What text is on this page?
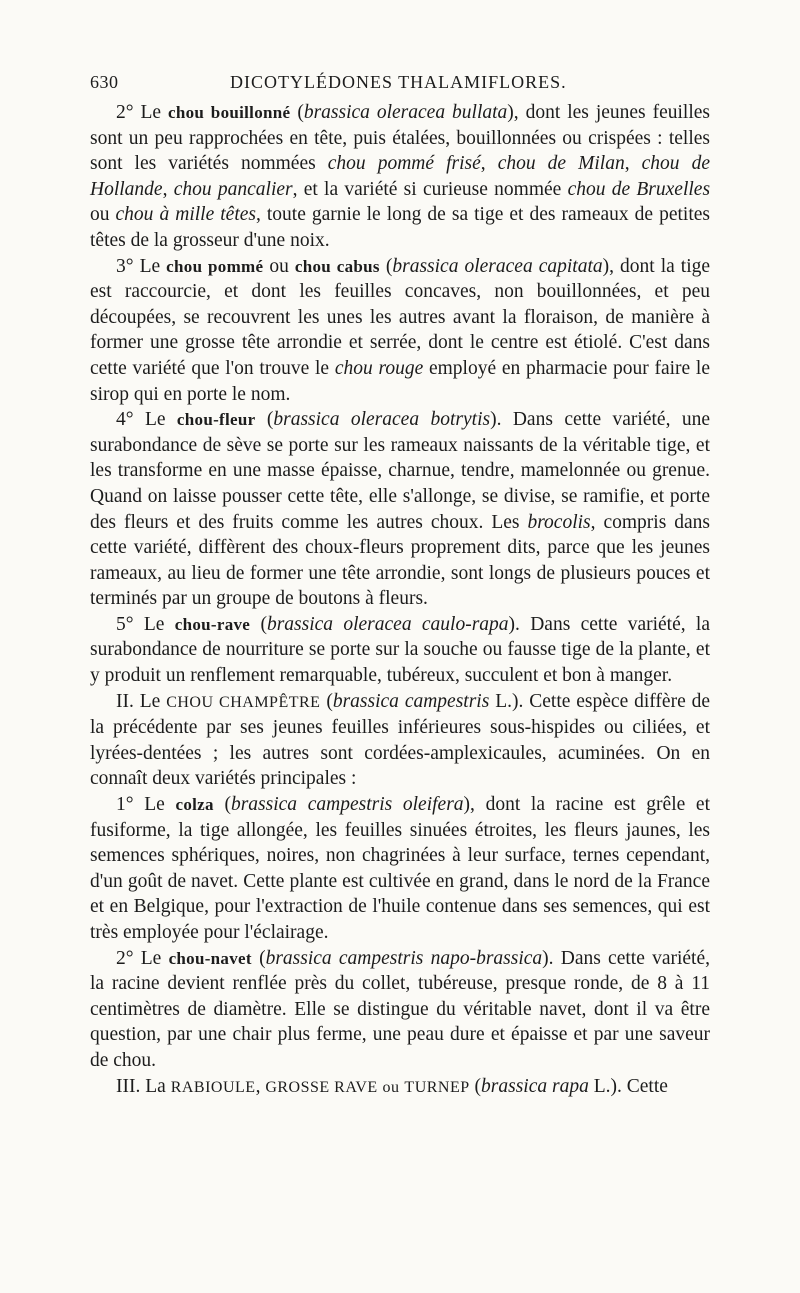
630	DICOTYLÉDONES THALAMIFLORES.

2° Le chou bouillonné (brassica oleracea bullata), dont les jeunes feuilles sont un peu rapprochées en tête, puis étalées, bouillonnées ou crispées : telles sont les variétés nommées chou pommé frisé, chou de Milan, chou de Hollande, chou pancalier, et la variété si curieuse nommée chou de Bruxelles ou chou à mille têtes, toute garnie le long de sa tige et des rameaux de petites têtes de la grosseur d'une noix.

3° Le chou pommé ou chou cabus (brassica oleracea capitata), dont la tige est raccourcie, et dont les feuilles concaves, non bouillonnées, et peu découpées, se recouvrent les unes les autres avant la floraison, de manière à former une grosse tête arrondie et serrée, dont le centre est étiolé. C'est dans cette variété que l'on trouve le chou rouge employé en pharmacie pour faire le sirop qui en porte le nom.

4° Le chou-fleur (brassica oleracea botrytis). Dans cette variété, une surabondance de sève se porte sur les rameaux naissants de la véritable tige, et les transforme en une masse épaisse, charnue, tendre, mamelonnée ou grenue. Quand on laisse pousser cette tête, elle s'allonge, se divise, se ramifie, et porte des fleurs et des fruits comme les autres choux. Les brocolis, compris dans cette variété, diffèrent des choux-fleurs proprement dits, parce que les jeunes rameaux, au lieu de former une tête arrondie, sont longs de plusieurs pouces et terminés par un groupe de boutons à fleurs.

5° Le chou-rave (brassica oleracea caulo-rapa). Dans cette variété, la surabondance de nourriture se porte sur la souche ou fausse tige de la plante, et y produit un renflement remarquable, tubéreux, succulent et bon à manger.

II. Le CHOU CHAMPÊTRE (brassica campestris L.). Cette espèce diffère de la précédente par ses jeunes feuilles inférieures sous-hispides ou ciliées, et lyrées-dentées ; les autres sont cordées-amplexicaules, acuminées. On en connaît deux variétés principales :

1° Le colza (brassica campestris oleifera), dont la racine est grêle et fusiforme, la tige allongée, les feuilles sinuées étroites, les fleurs jaunes, les semences sphériques, noires, non chagrinées à leur surface, ternes cependant, d'un goût de navet. Cette plante est cultivée en grand, dans le nord de la France et en Belgique, pour l'extraction de l'huile contenue dans ses semences, qui est très employée pour l'éclairage.

2° Le chou-navet (brassica campestris napo-brassica). Dans cette variété, la racine devient renflée près du collet, tubéreuse, presque ronde, de 8 à 11 centimètres de diamètre. Elle se distingue du véritable navet, dont il va être question, par une chair plus ferme, une peau dure et épaisse et par une saveur de chou.

III. La RABIOULE, GROSSE RAVE ou TURNEP (brassica rapa L.). Cette
